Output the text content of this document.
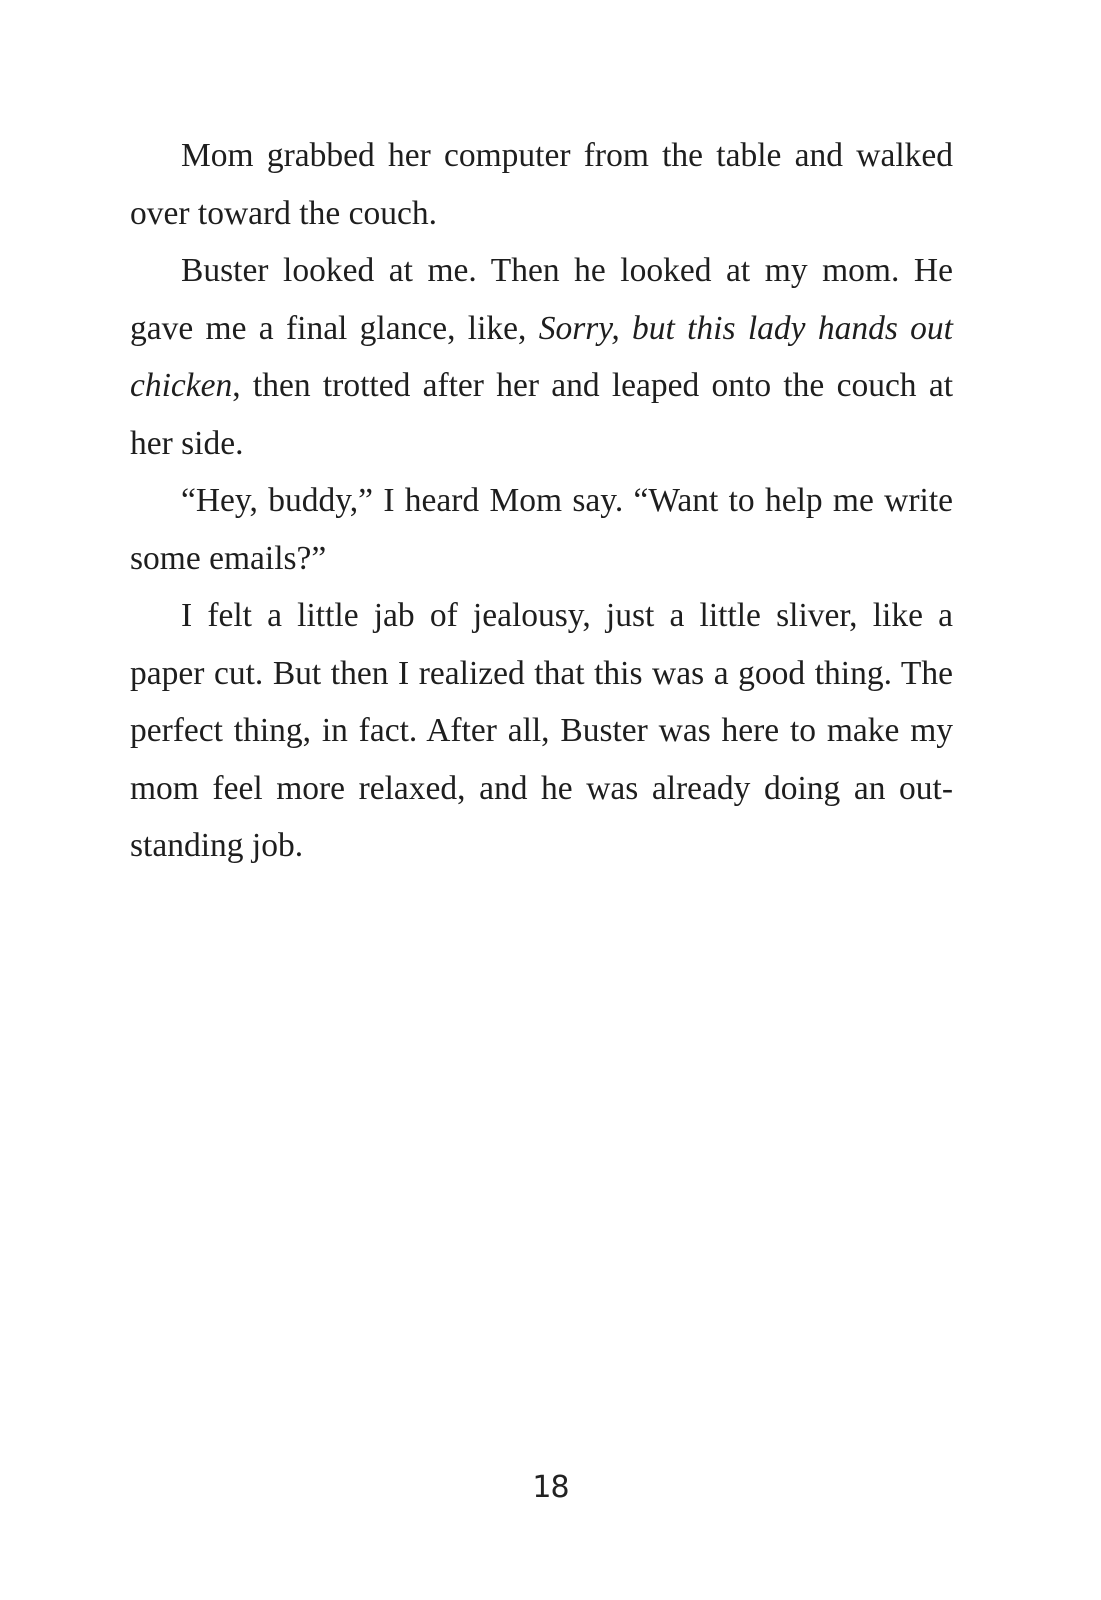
Mom grabbed her computer from the table and walked over toward the couch.

Buster looked at me. Then he looked at my mom. He gave me a final glance, like, Sorry, but this lady hands out chicken, then trotted after her and leaped onto the couch at her side.

“Hey, buddy,” I heard Mom say. “Want to help me write some emails?”

I felt a little jab of jealousy, just a little sliver, like a paper cut. But then I realized that this was a good thing. The perfect thing, in fact. After all, Buster was here to make my mom feel more relaxed, and he was already doing an outstanding job.

18
